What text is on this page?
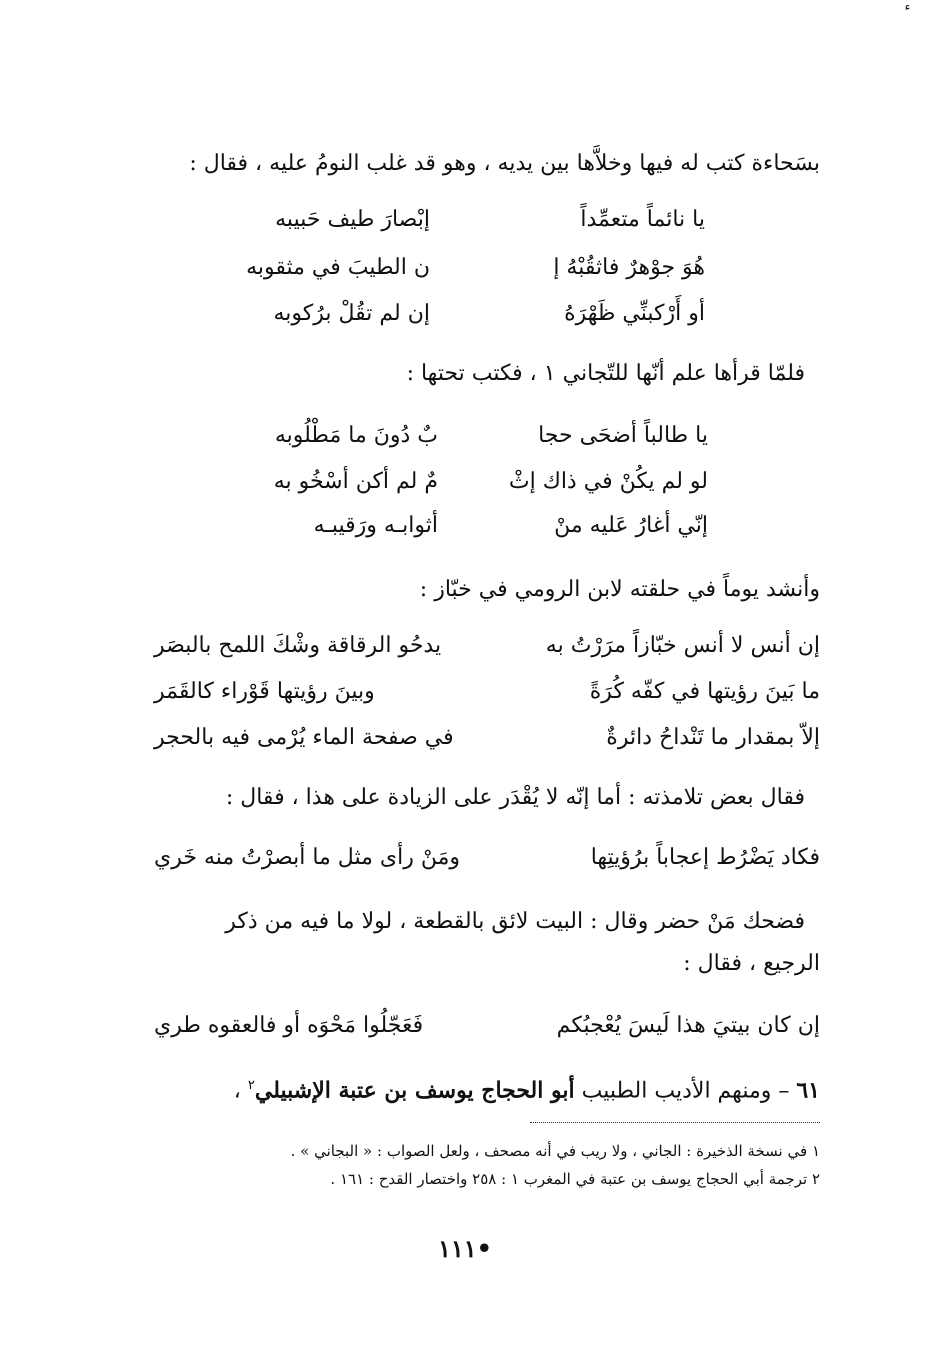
بسَحاءة كتب له فيها وخلاَّها بين يديه ، وهو قد غلب النومُ عليه ، فقال :
يا نائماً متعمِّداً
إبْصارَ طيف حَبيبه
هُوَ جوْهرٌ فاثقُبْهُ إ
ن الطيبَ في مثقوبه
أو أَرْكبنِّي ظَهْرَهُ
إن لم تقُلْ برُكوبه
فلمّا قرأها علم أنّها للتّجاني ١ ، فكتب تحتها :
يا طالباً أضحَى حجا
بٌ دُونَ ما مَطْلُوبه
لو لم يكُنْ في ذاك إثْ
مٌ لم أكن أسْخُو به
إنّي أغارُ عَليه منْ
أثوابـه ورَقيبـه
وأنشد يوماً في حلقته لابن الرومي في خبّاز :
إن أنس لا أنس خبّازاً مرَرْتُ به
يدحُو الرقاقة وشْكَ اللمح بالبصَر
ما بَينَ رؤيتها في كفّه كُرَةً
وبينَ رؤيتها قَوْراء كالقَمَر
إلاّ بمقدار ما تَنْداحُ دائرةٌ
في صفحة الماء يُرْمى فيه بالحجر
فقال بعض تلامذته : أما إنّه لا يُقْدَر على الزيادة على هذا ، فقال :
فكاد يَضْرُط إعجاباً برُؤيتِها
ومَنْ رأى مثل ما أبصرْتُ منه خَري
فضحك مَنْ حضر وقال : البيت لائق بالقطعة ، لولا ما فيه من ذكر
الرجيع ، فقال :
إن كان بيتيَ هذا لَيسَ يُعْجبُكم
فَعَجّلُوا مَحْوَه أو فالعقوه طري
٦١ – ومنهم الأديب الطبيب أبو الحجاج يوسف بن عتبة الإشبيلي$^٢$ ،
١ في نسخة الذخيرة : الجاني ، ولا ريب في أنه مصحف ، ولعل الصواب : « البجاني » .
٢ ترجمة أبي الحجاج يوسف بن عتبة في المغرب ١ : ٢٥٨ واختصار القدح : ١٦١ .
•١١١
